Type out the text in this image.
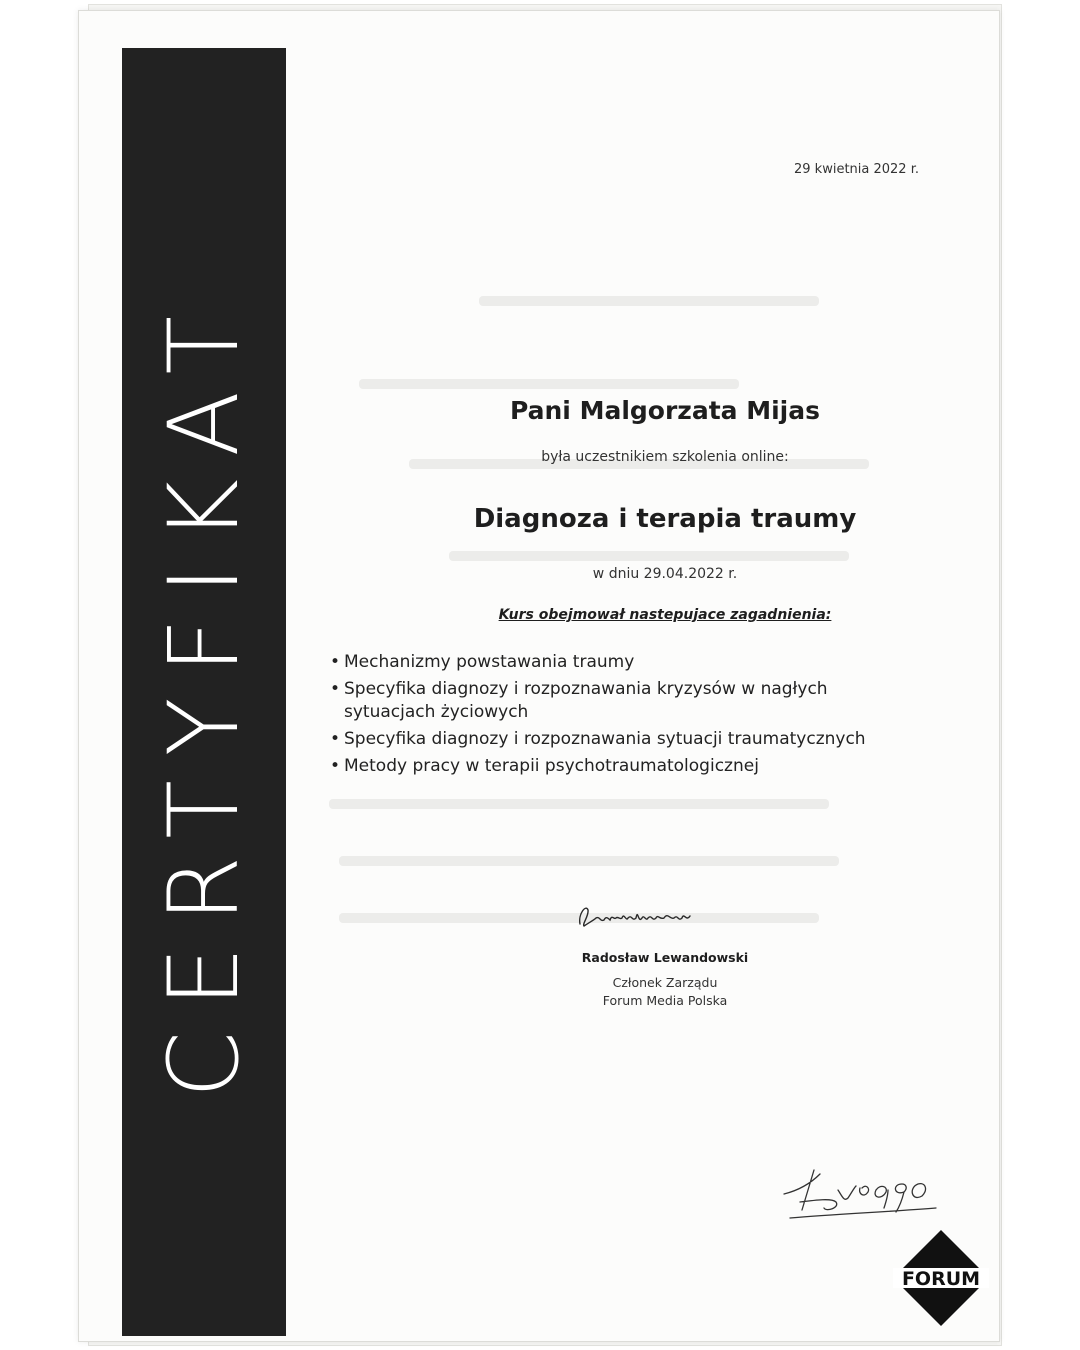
CERTYFIKAT
29 kwietnia 2022 r.
Pani Malgorzata Mijas
była uczestnikiem szkolenia online:
Diagnoza i terapia traumy
w dniu 29.04.2022 r.
Kurs obejmował nastepujace zagadnienia:
• Mechanizmy powstawania traumy
• Specyfika diagnozy i rozpoznawania kryzysów w nagłych sytuacjach życiowych
• Specyfika diagnozy i rozpoznawania sytuacji traumatycznych
• Metody pracy w terapii psychotraumatologicznej
Radosław Lewandowski
Członek Zarządu
Forum Media Polska
FORUM
